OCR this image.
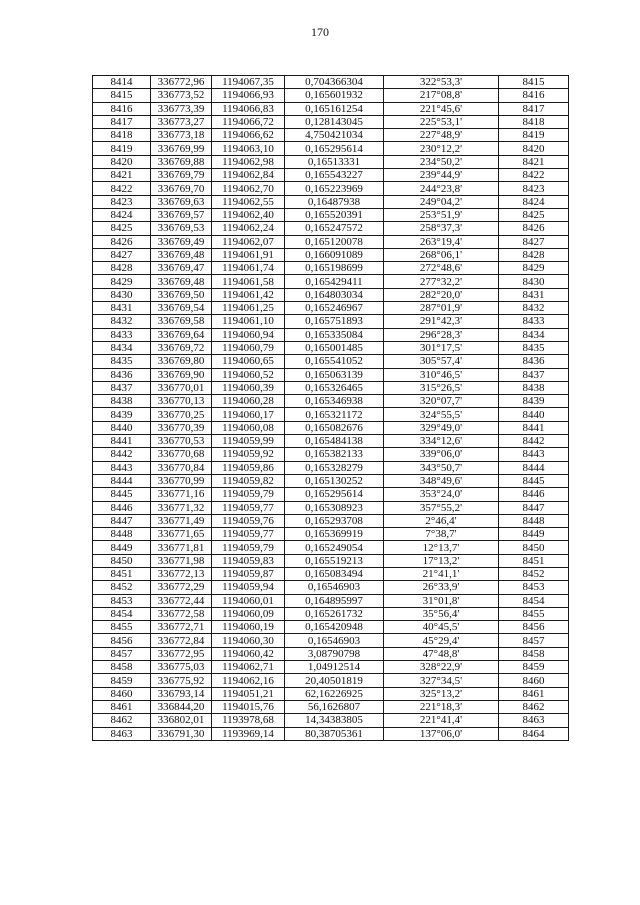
170
8414	336772,96	1194067,35	0,704366304	322°53,3'	8415
8415	336773,52	1194066,93	0,165601932	217°08,8'	8416
8416	336773,39	1194066,83	0,165161254	221°45,6'	8417
8417	336773,27	1194066,72	0,128143045	225°53,1'	8418
8418	336773,18	1194066,62	4,750421034	227°48,9'	8419
8419	336769,99	1194063,10	0,165295614	230°12,2'	8420
8420	336769,88	1194062,98	0,16513331	234°50,2'	8421
8421	336769,79	1194062,84	0,165543227	239°44,9'	8422
8422	336769,70	1194062,70	0,165223969	244°23,8'	8423
8423	336769,63	1194062,55	0,16487938	249°04,2'	8424
8424	336769,57	1194062,40	0,165520391	253°51,9'	8425
8425	336769,53	1194062,24	0,165247572	258°37,3'	8426
8426	336769,49	1194062,07	0,165120078	263°19,4'	8427
8427	336769,48	1194061,91	0,166091089	268°06,1'	8428
8428	336769,47	1194061,74	0,165198699	272°48,6'	8429
8429	336769,48	1194061,58	0,165429411	277°32,2'	8430
8430	336769,50	1194061,42	0,164803034	282°20,0'	8431
8431	336769,54	1194061,25	0,165246967	287°01,9'	8432
8432	336769,58	1194061,10	0,165751893	291°42,3'	8433
8433	336769,64	1194060,94	0,165335084	296°28,3'	8434
8434	336769,72	1194060,79	0,165001485	301°17,5'	8435
8435	336769,80	1194060,65	0,165541052	305°57,4'	8436
8436	336769,90	1194060,52	0,165063139	310°46,5'	8437
8437	336770,01	1194060,39	0,165326465	315°26,5'	8438
8438	336770,13	1194060,28	0,165346938	320°07,7'	8439
8439	336770,25	1194060,17	0,165321172	324°55,5'	8440
8440	336770,39	1194060,08	0,165082676	329°49,0'	8441
8441	336770,53	1194059,99	0,165484138	334°12,6'	8442
8442	336770,68	1194059,92	0,165382133	339°06,0'	8443
8443	336770,84	1194059,86	0,165328279	343°50,7'	8444
8444	336770,99	1194059,82	0,165130252	348°49,6'	8445
8445	336771,16	1194059,79	0,165295614	353°24,0'	8446
8446	336771,32	1194059,77	0,165308923	357°55,2'	8447
8447	336771,49	1194059,76	0,165293708	2°46,4'	8448
8448	336771,65	1194059,77	0,165369919	7°38,7'	8449
8449	336771,81	1194059,79	0,165249054	12°13,7'	8450
8450	336771,98	1194059,83	0,165519213	17°13,2'	8451
8451	336772,13	1194059,87	0,165083494	21°41,1'	8452
8452	336772,29	1194059,94	0,16546903	26°33,9'	8453
8453	336772,44	1194060,01	0,164895997	31°01,8'	8454
8454	336772,58	1194060,09	0,165261732	35°56,4'	8455
8455	336772,71	1194060,19	0,165420948	40°45,5'	8456
8456	336772,84	1194060,30	0,16546903	45°29,4'	8457
8457	336772,95	1194060,42	3,08790798	47°48,8'	8458
8458	336775,03	1194062,71	1,04912514	328°22,9'	8459
8459	336775,92	1194062,16	20,40501819	327°34,5'	8460
8460	336793,14	1194051,21	62,16226925	325°13,2'	8461
8461	336844,20	1194015,76	56,1626807	221°18,3'	8462
8462	336802,01	1193978,68	14,34383805	221°41,4'	8463
8463	336791,30	1193969,14	80,38705361	137°06,0'	8464
